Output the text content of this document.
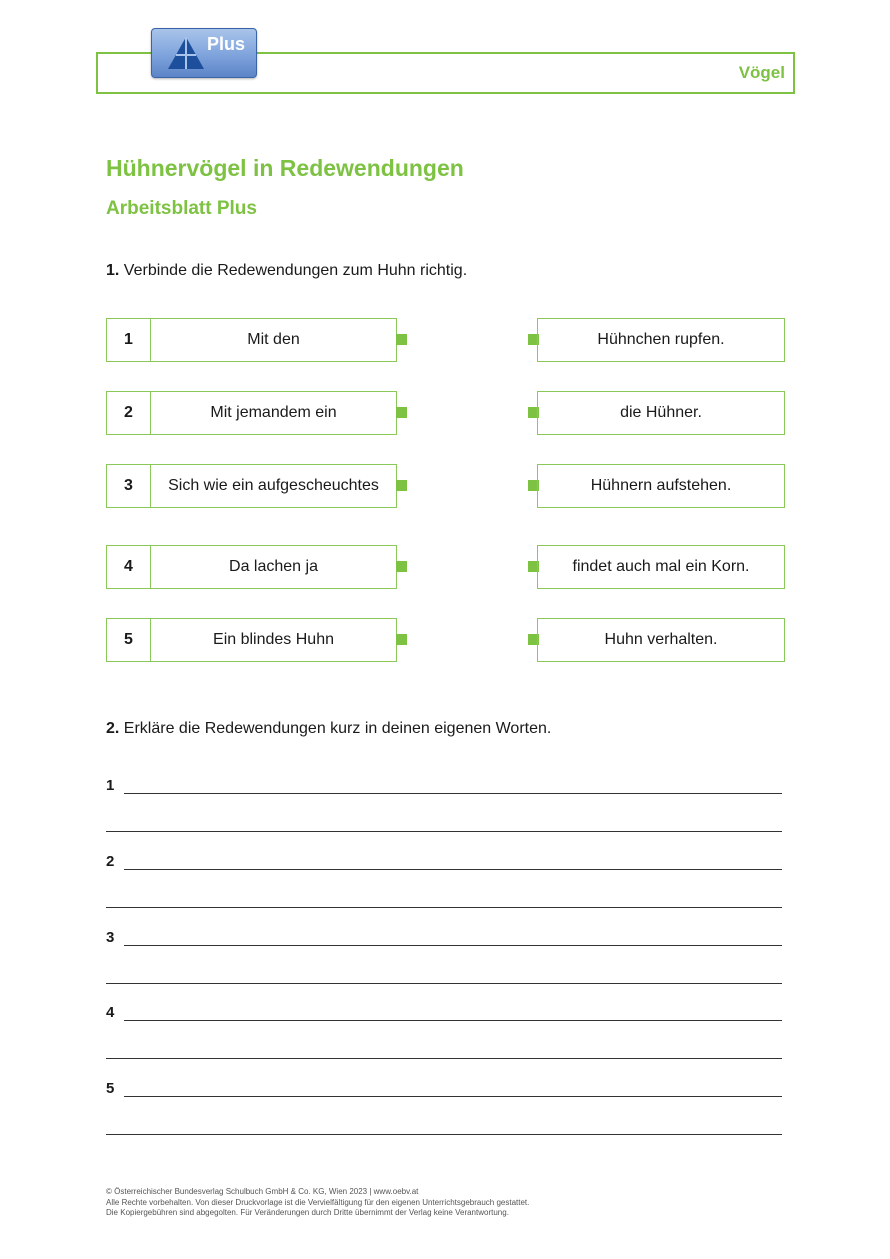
Vögel
Plus
Hühnervögel in Redewendungen
Arbeitsblatt Plus
1. Verbinde die Redewendungen zum Huhn richtig.
1	Mit den	Hühnchen rupfen.
2	Mit jemandem ein	die Hühner.
3	Sich wie ein aufgescheuchtes	Hühnern aufstehen.
4	Da lachen ja	findet auch mal ein Korn.
5	Ein blindes Huhn	Huhn verhalten.
2. Erkläre die Redewendungen kurz in deinen eigenen Worten.
1
2
3
4
5
© Österreichischer Bundesverlag Schulbuch GmbH & Co. KG, Wien 2023 | www.oebv.at
Alle Rechte vorbehalten. Von dieser Druckvorlage ist die Vervielfältigung für den eigenen Unterrichtsgebrauch gestattet.
Die Kopiergebühren sind abgegolten. Für Veränderungen durch Dritte übernimmt der Verlag keine Verantwortung.
